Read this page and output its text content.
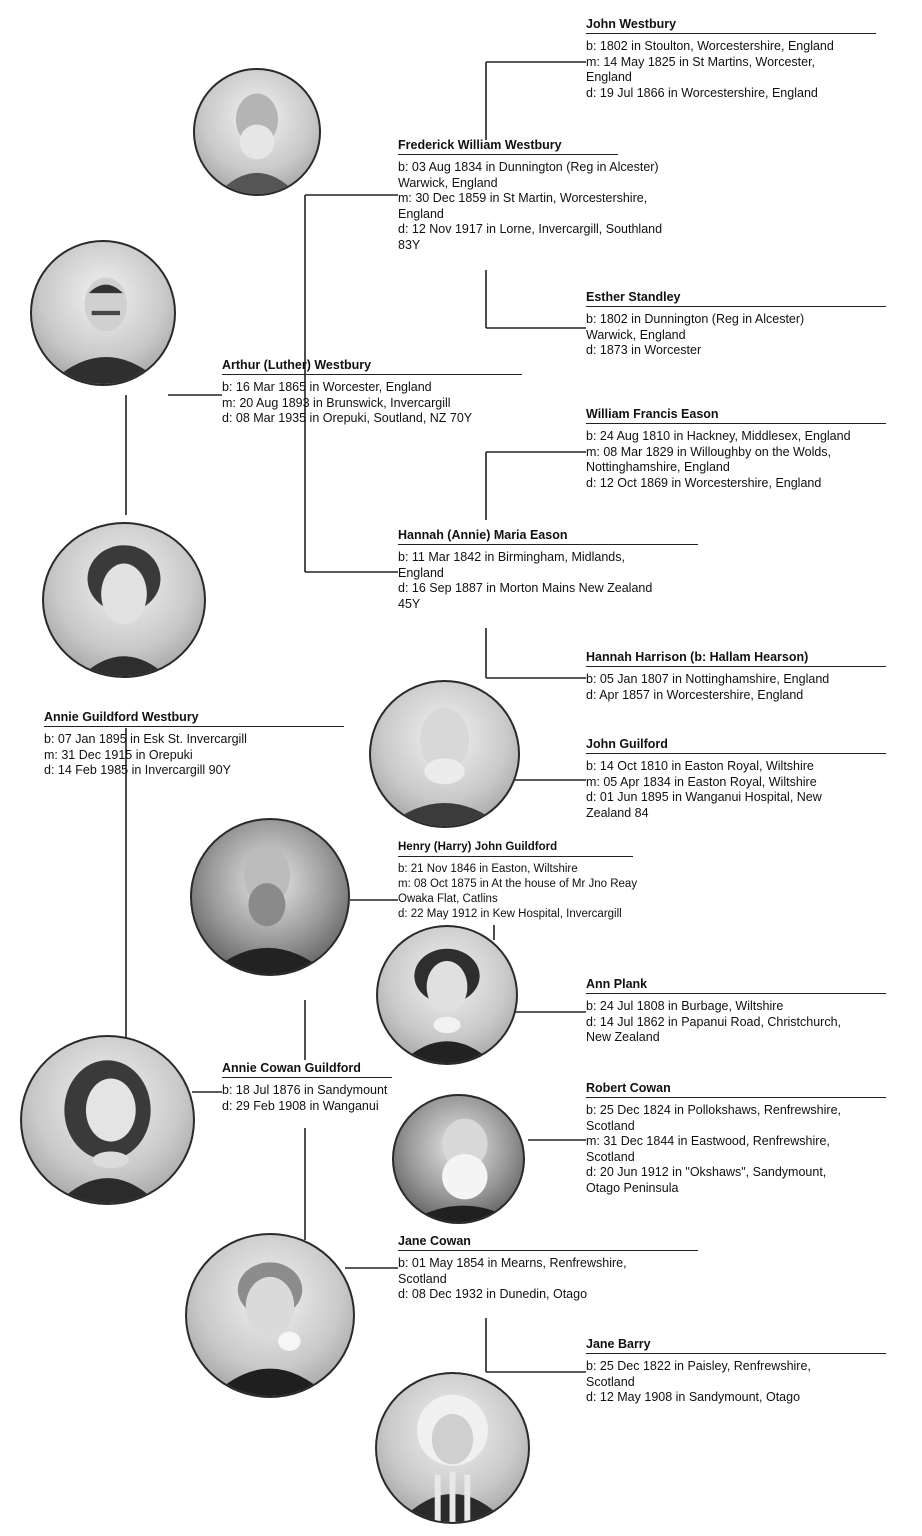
John Westbury
b: 1802 in Stoulton, Worcestershire, England
m: 14 May 1825 in St Martins, Worcester,
England
d: 19 Jul 1866 in Worcestershire, England
Frederick William Westbury
b: 03 Aug 1834 in Dunnington (Reg in Alcester)
Warwick, England
m: 30 Dec 1859 in St Martin, Worcestershire,
England
d: 12 Nov 1917 in Lorne, Invercargill, Southland
83Y
Esther Standley
b: 1802 in Dunnington (Reg in Alcester)
Warwick, England
d: 1873 in Worcester
Arthur (Luther) Westbury
b: 16 Mar 1865 in Worcester, England
m: 20 Aug 1893 in Brunswick, Invercargill
d: 08 Mar 1935 in Orepuki, Soutland, NZ 70Y	William Francis Eason
b: 24 Aug 1810 in Hackney, Middlesex, England
m: 08 Mar 1829 in Willoughby on the Wolds,
Nottinghamshire, England
d: 12 Oct 1869 in Worcestershire, England
Hannah (Annie) Maria Eason
b: 11 Mar 1842 in Birmingham, Midlands,
England
d: 16 Sep 1887 in Morton Mains New Zealand
45Y
Hannah Harrison (b: Hallam Hearson)
b: 05 Jan 1807 in Nottinghamshire, England
d: Apr 1857 in Worcestershire, England
Annie Guildford Westbury
b: 07 Jan 1895 in Esk St. Invercargill
m: 31 Dec 1915 in Orepuki
d: 14 Feb 1985 in Invercargill 90Y
John Guilford
b: 14 Oct 1810 in Easton Royal, Wiltshire
m: 05 Apr 1834 in Easton Royal, Wiltshire
d: 01 Jun 1895 in Wanganui Hospital, New
Zealand 84
Henry (Harry) John Guildford
b: 21 Nov 1846 in Easton, Wiltshire
m: 08 Oct 1875 in At the house of Mr Jno Reay
Owaka Flat, Catlins
d: 22 May 1912 in Kew Hospital, Invercargill
Ann Plank
b: 24 Jul 1808 in Burbage, Wiltshire
d: 14 Jul 1862 in Papanui Road, Christchurch,
New Zealand
Annie Cowan Guildford
b: 18 Jul 1876 in Sandymount
d: 29 Feb 1908 in Wanganui
Robert Cowan
b: 25 Dec 1824 in Pollokshaws, Renfrewshire,
Scotland
m: 31 Dec 1844 in Eastwood, Renfrewshire,
Scotland
d: 20 Jun 1912 in "Okshaws", Sandymount,
Otago Peninsula
Jane Cowan
b: 01 May 1854 in Mearns, Renfrewshire,
Scotland
d: 08 Dec 1932 in Dunedin, Otago
Jane Barry
b: 25 Dec 1822 in Paisley, Renfrewshire,
Scotland
d: 12 May 1908 in Sandymount, Otago
